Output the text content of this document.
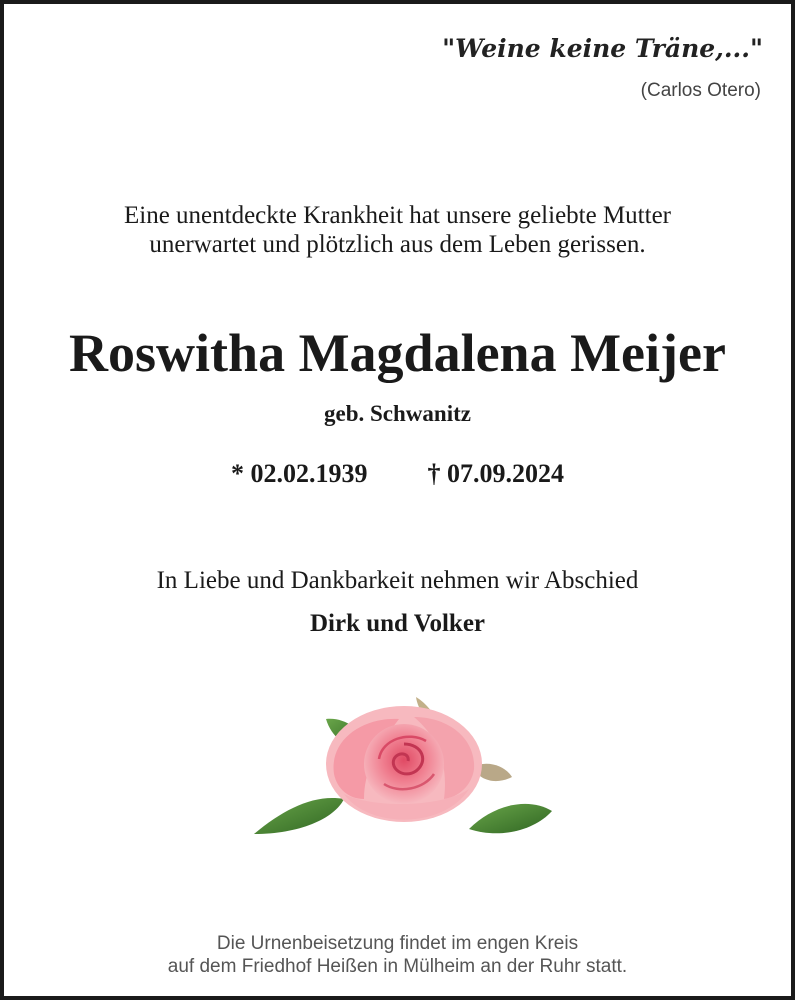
"Weine keine Träne,..."
(Carlos Otero)
Eine unentdeckte Krankheit hat unsere geliebte Mutter
unerwartet und plötzlich aus dem Leben gerissen.
Roswitha Magdalena Meijer
geb. Schwanitz
* 02.02.1939 † 07.09.2024
In Liebe und Dankbarkeit nehmen wir Abschied
Dirk und Volker
Die Urnenbeisetzung findet im engen Kreis
auf dem Friedhof Heißen in Mülheim an der Ruhr statt.
